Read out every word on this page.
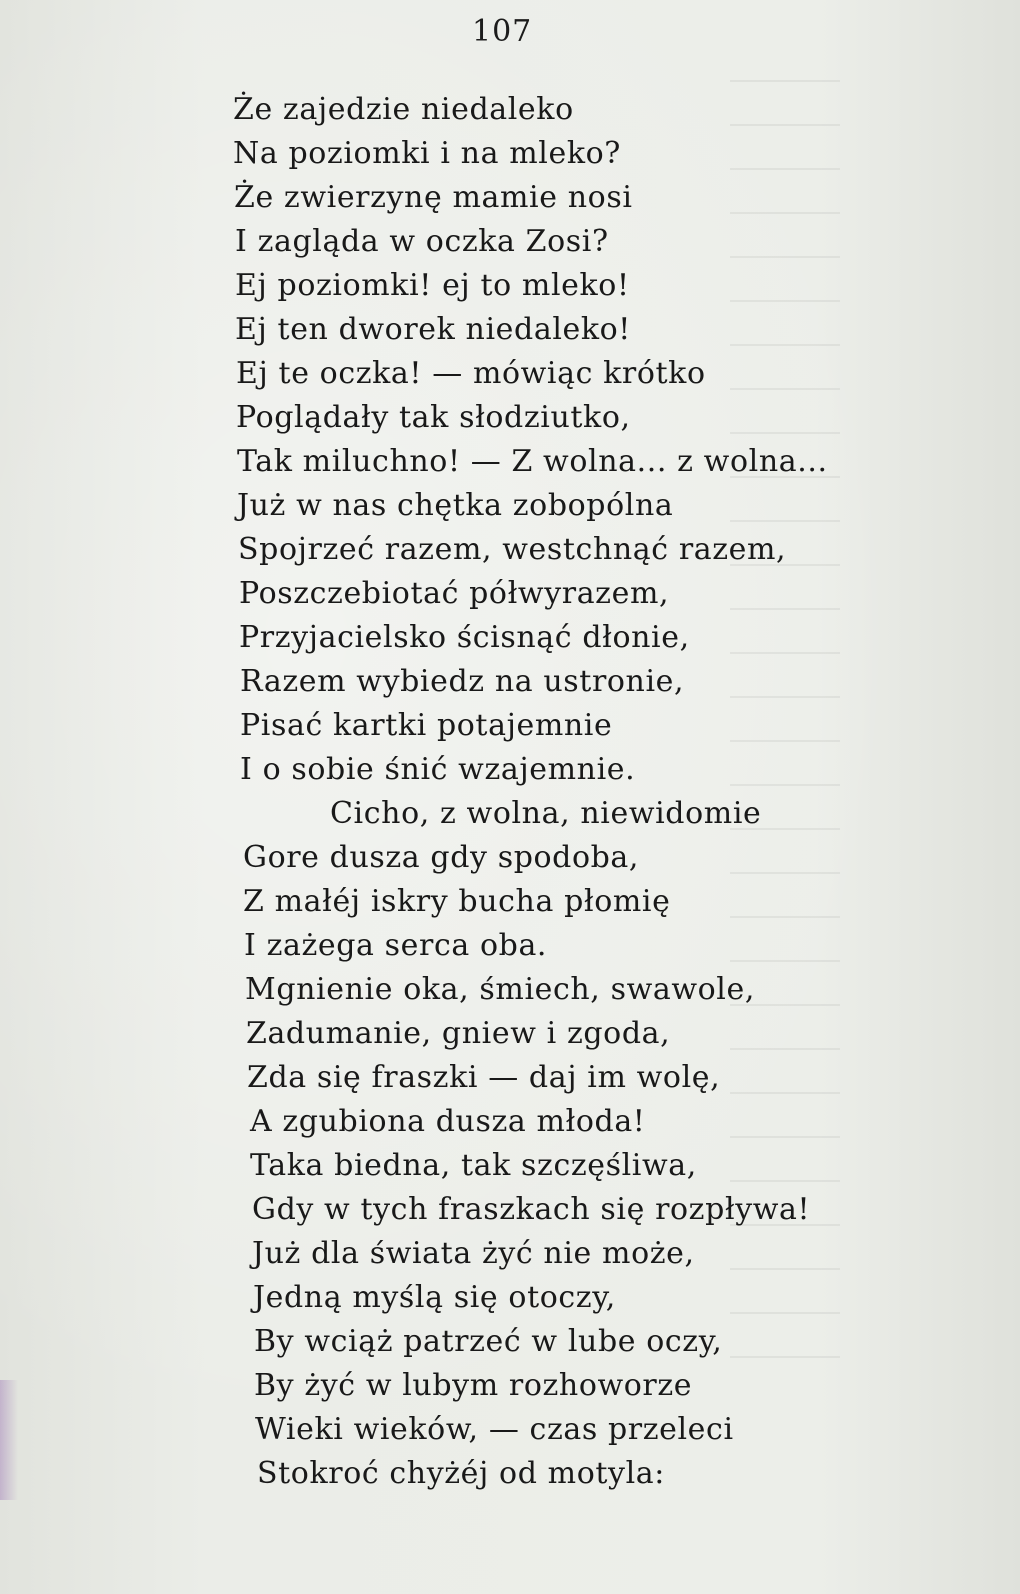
107
Że zajedzie niedaleko
Na poziomki i na mleko?
Że zwierzynę mamie nosi
I zagląda w oczka Zosi?
Ej poziomki! ej to mleko!
Ej ten dworek niedaleko!
Ej te oczka! — mówiąc krótko
Poglądały tak słodziutko,
Tak miluchno! — Z wolna... z wolna...
Już w nas chętka zobopólna
Spojrzeć razem, westchnąć razem,
Poszczebiotać półwyrazem,
Przyjacielsko ścisnąć dłonie,
Razem wybiedz na ustronie,
Pisać kartki potajemnie
I o sobie śnić wzajemnie.
Cicho, z wolna, niewidomie
Gore dusza gdy spodoba,
Z małéj iskry bucha płomię
I zażega serca oba.
Mgnienie oka, śmiech, swawole,
Zadumanie, gniew i zgoda,
Zda się fraszki — daj im wolę,
A zgubiona dusza młoda!
Taka biedna, tak szczęśliwa,
Gdy w tych fraszkach się rozpływa!
Już dla świata żyć nie może,
Jedną myślą się otoczy,
By wciąż patrzeć w lube oczy,
By żyć w lubym rozhoworze
Wieki wieków, — czas przeleci
Stokroć chyżéj od motyla:
